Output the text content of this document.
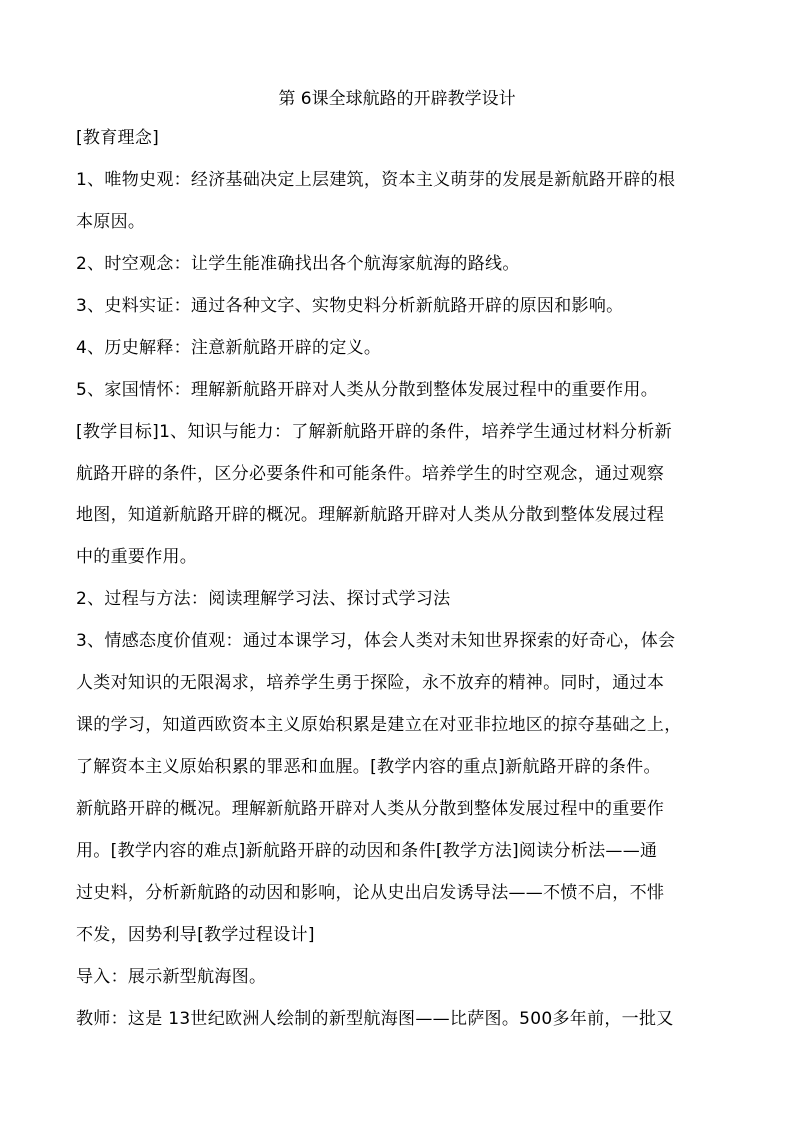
第 6课全球航路的开辟教学设计
[教育理念]
1、唯物史观：经济基础决定上层建筑，资本主义萌芽的发展是新航路开辟的根
本原因。
2、时空观念：让学生能准确找出各个航海家航海的路线。
3、史料实证：通过各种文字、实物史料分析新航路开辟的原因和影响。
4、历史解释：注意新航路开辟的定义。
5、家国情怀：理解新航路开辟对人类从分散到整体发展过程中的重要作用。
[教学目标]1、知识与能力：了解新航路开辟的条件，培养学生通过材料分析新
航路开辟的条件，区分必要条件和可能条件。培养学生的时空观念，通过观察
地图，知道新航路开辟的概况。理解新航路开辟对人类从分散到整体发展过程
中的重要作用。
2、过程与方法：阅读理解学习法、探讨式学习法
3、情感态度价值观：通过本课学习，体会人类对未知世界探索的好奇心，体会
人类对知识的无限渴求，培养学生勇于探险，永不放弃的精神。同时，通过本
课的学习，知道西欧资本主义原始积累是建立在对亚非拉地区的掠夺基础之上，
了解资本主义原始积累的罪恶和血腥。[教学内容的重点]新航路开辟的条件。
新航路开辟的概况。理解新航路开辟对人类从分散到整体发展过程中的重要作
用。[教学内容的难点]新航路开辟的动因和条件[教学方法]阅读分析法——通
过史料，分析新航路的动因和影响，论从史出启发诱导法——不愤不启，不悱
不发，因势利导[教学过程设计]
导入：展示新型航海图。
教师：这是 13世纪欧洲人绘制的新型航海图——比萨图。500多年前，一批又
